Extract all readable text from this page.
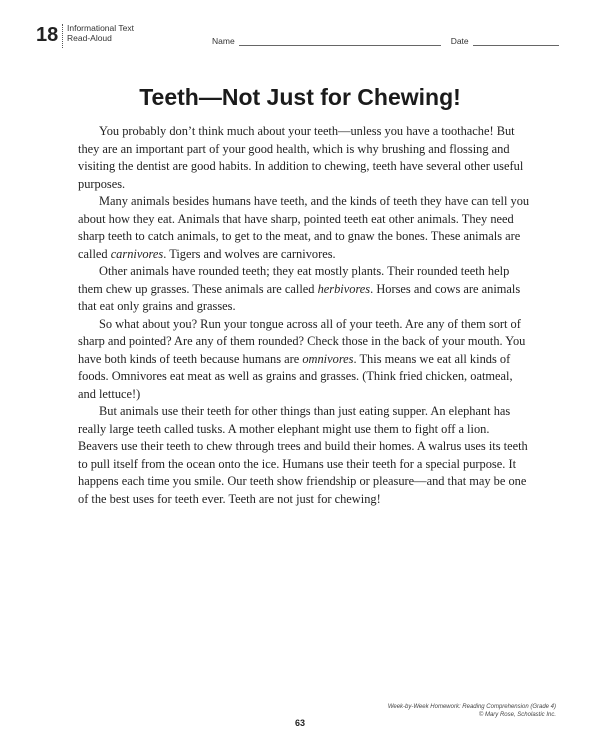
18 Informational Text
Read-Aloud	Name	Date
Teeth—Not Just for Chewing!

You probably don’t think much about your teeth—unless you have a toothache! But they are an important part of your good health, which is why brushing and flossing and visiting the dentist are good habits. In addition to chewing, teeth have several other useful purposes.

Many animals besides humans have teeth, and the kinds of teeth they have can tell you about how they eat. Animals that have sharp, pointed teeth eat other animals. They need sharp teeth to catch animals, to get to the meat, and to gnaw the bones. These animals are called carnivores. Tigers and wolves are carnivores.

Other animals have rounded teeth; they eat mostly plants. Their rounded teeth help them chew up grasses. These animals are called herbivores. Horses and cows are animals that eat only grains and grasses.

So what about you? Run your tongue across all of your teeth. Are any of them sort of sharp and pointed? Are any of them rounded? Check those in the back of your mouth. You have both kinds of teeth because humans are omnivores. This means we eat all kinds of foods. Omnivores eat meat as well as grains and grasses. (Think fried chicken, oatmeal, and lettuce!)

But animals use their teeth for other things than just eating supper. An elephant has really large teeth called tusks. A mother elephant might use them to fight off a lion. Beavers use their teeth to chew through trees and build their homes. A walrus uses its teeth to pull itself from the ocean onto the ice. Humans use their teeth for a special purpose. It happens each time you smile. Our teeth show friendship or pleasure—and that may be one of the best uses for teeth ever. Teeth are not just for chewing!

Week-by-Week Homework: Reading Comprehension (Grade 4)
© Mary Rose, Scholastic Inc.
63
